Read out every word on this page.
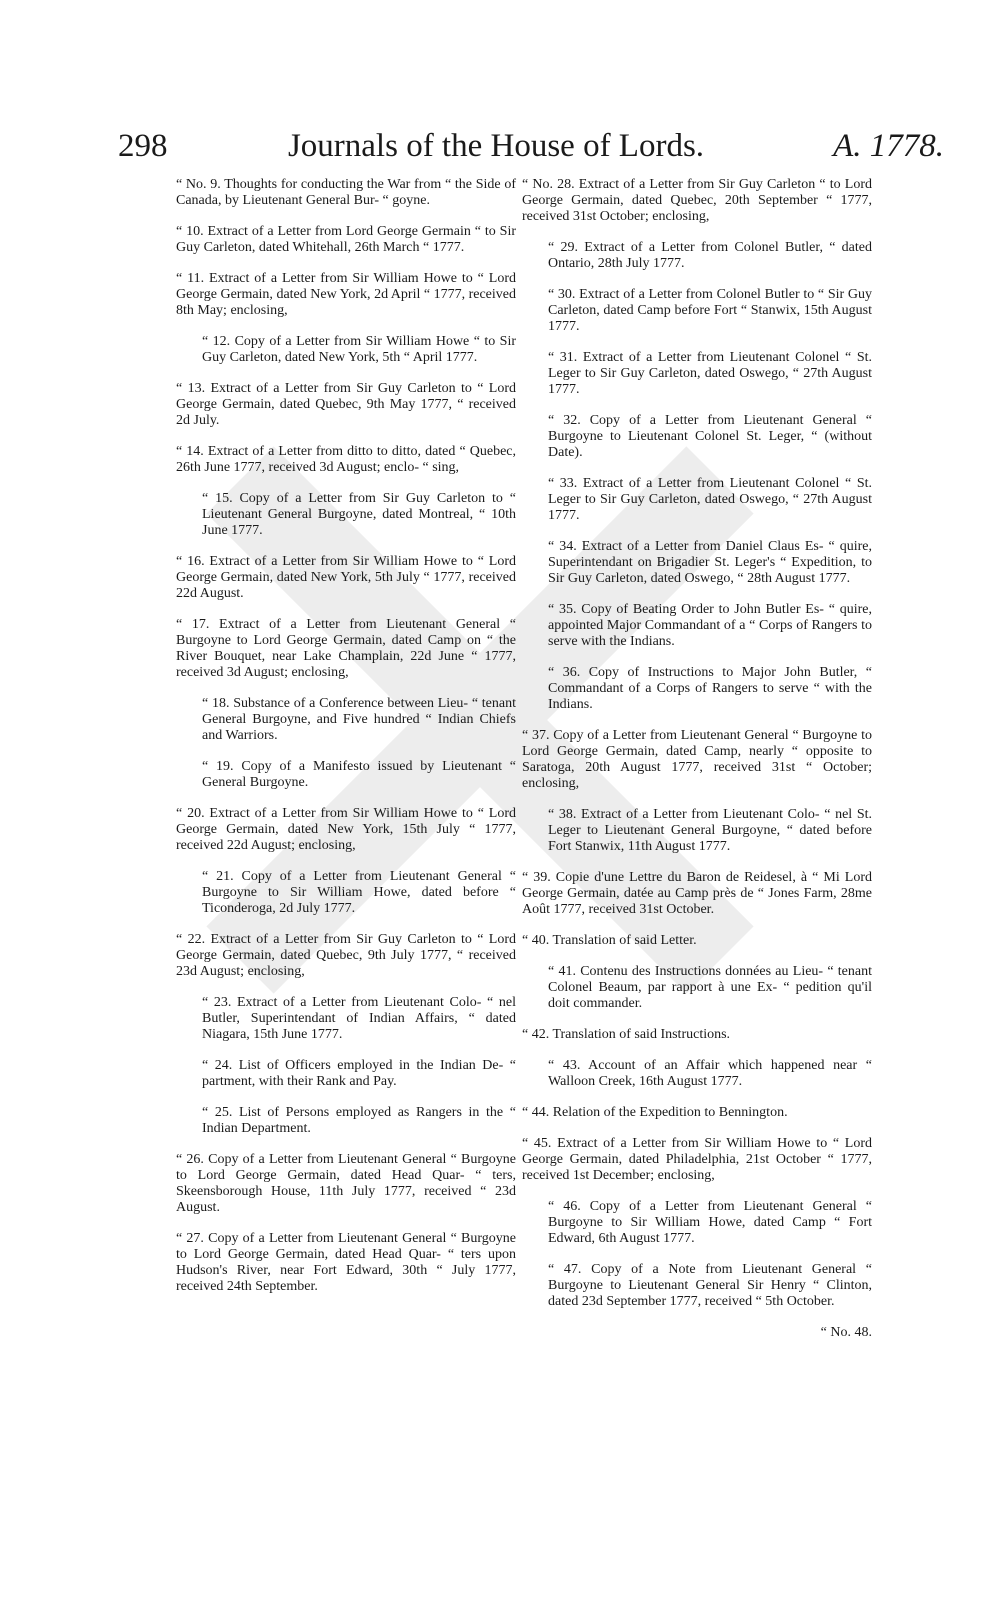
298	Journals of the House of Lords.	A. 1778.

“ No. 9. Thoughts for conducting the War from “ the Side of Canada, by Lieutenant General Bur- “ goyne.

“ 10. Extract of a Letter from Lord George Germain “ to Sir Guy Carleton, dated Whitehall, 26th March “ 1777.

“ 11. Extract of a Letter from Sir William Howe to “ Lord George Germain, dated New York, 2d April “ 1777, received 8th May; enclosing,

“ 12. Copy of a Letter from Sir William Howe “ to Sir Guy Carleton, dated New York, 5th “ April 1777.

“ 13. Extract of a Letter from Sir Guy Carleton to “ Lord George Germain, dated Quebec, 9th May 1777, “ received 2d July.

“ 14. Extract of a Letter from ditto to ditto, dated “ Quebec, 26th June 1777, received 3d August; enclo- “ sing,

“ 15. Copy of a Letter from Sir Guy Carleton to “ Lieutenant General Burgoyne, dated Montreal, “ 10th June 1777.

“ 16. Extract of a Letter from Sir William Howe to “ Lord George Germain, dated New York, 5th July “ 1777, received 22d August.

“ 17. Extract of a Letter from Lieutenant General “ Burgoyne to Lord George Germain, dated Camp on “ the River Bouquet, near Lake Champlain, 22d June “ 1777, received 3d August; enclosing,

“ 18. Substance of a Conference between Lieu- “ tenant General Burgoyne, and Five hundred “ Indian Chiefs and Warriors.

“ 19. Copy of a Manifesto issued by Lieutenant “ General Burgoyne.

“ 20. Extract of a Letter from Sir William Howe to “ Lord George Germain, dated New York, 15th July “ 1777, received 22d August; enclosing,

“ 21. Copy of a Letter from Lieutenant General “ Burgoyne to Sir William Howe, dated before “ Ticonderoga, 2d July 1777.

“ 22. Extract of a Letter from Sir Guy Carleton to “ Lord George Germain, dated Quebec, 9th July 1777, “ received 23d August; enclosing,

“ 23. Extract of a Letter from Lieutenant Colo- “ nel Butler, Superintendant of Indian Affairs, “ dated Niagara, 15th June 1777.

“ 24. List of Officers employed in the Indian De- “ partment, with their Rank and Pay.

“ 25. List of Persons employed as Rangers in the “ Indian Department.

“ 26. Copy of a Letter from Lieutenant General “ Burgoyne to Lord George Germain, dated Head Quar- “ ters, Skeensborough House, 11th July 1777, received “ 23d August.

“ 27. Copy of a Letter from Lieutenant General “ Burgoyne to Lord George Germain, dated Head Quar- “ ters upon Hudson's River, near Fort Edward, 30th “ July 1777, received 24th September.

“ No. 28. Extract of a Letter from Sir Guy Carleton “ to Lord George Germain, dated Quebec, 20th September “ 1777, received 31st October; enclosing,

“ 29. Extract of a Letter from Colonel Butler, “ dated Ontario, 28th July 1777.

“ 30. Extract of a Letter from Colonel Butler to “ Sir Guy Carleton, dated Camp before Fort “ Stanwix, 15th August 1777.

“ 31. Extract of a Letter from Lieutenant Colonel “ St. Leger to Sir Guy Carleton, dated Oswego, “ 27th August 1777.

“ 32. Copy of a Letter from Lieutenant General “ Burgoyne to Lieutenant Colonel St. Leger, “ (without Date).

“ 33. Extract of a Letter from Lieutenant Colonel “ St. Leger to Sir Guy Carleton, dated Oswego, “ 27th August 1777.

“ 34. Extract of a Letter from Daniel Claus Es- “ quire, Superintendant on Brigadier St. Leger's “ Expedition, to Sir Guy Carleton, dated Oswego, “ 28th August 1777.

“ 35. Copy of Beating Order to John Butler Es- “ quire, appointed Major Commandant of a “ Corps of Rangers to serve with the Indians.

“ 36. Copy of Instructions to Major John Butler, “ Commandant of a Corps of Rangers to serve “ with the Indians.

“ 37. Copy of a Letter from Lieutenant General “ Burgoyne to Lord George Germain, dated Camp, nearly “ opposite to Saratoga, 20th August 1777, received 31st “ October; enclosing,

“ 38. Extract of a Letter from Lieutenant Colo- “ nel St. Leger to Lieutenant General Burgoyne, “ dated before Fort Stanwix, 11th August 1777.

“ 39. Copie d'une Lettre du Baron de Reidesel, à “ Mi Lord George Germain, datée au Camp près de “ Jones Farm, 28me Août 1777, received 31st October.

“ 40. Translation of said Letter.

“ 41. Contenu des Instructions données au Lieu- “ tenant Colonel Beaum, par rapport à une Ex- “ pedition qu'il doit commander.

“ 42. Translation of said Instructions.

“ 43. Account of an Affair which happened near “ Walloon Creek, 16th August 1777.

“ 44. Relation of the Expedition to Bennington.

“ 45. Extract of a Letter from Sir William Howe to “ Lord George Germain, dated Philadelphia, 21st October “ 1777, received 1st December; enclosing,

“ 46. Copy of a Letter from Lieutenant General “ Burgoyne to Sir William Howe, dated Camp “ Fort Edward, 6th August 1777.

“ 47. Copy of a Note from Lieutenant General “ Burgoyne to Lieutenant General Sir Henry “ Clinton, dated 23d September 1777, received “ 5th October.

“ No. 48.
